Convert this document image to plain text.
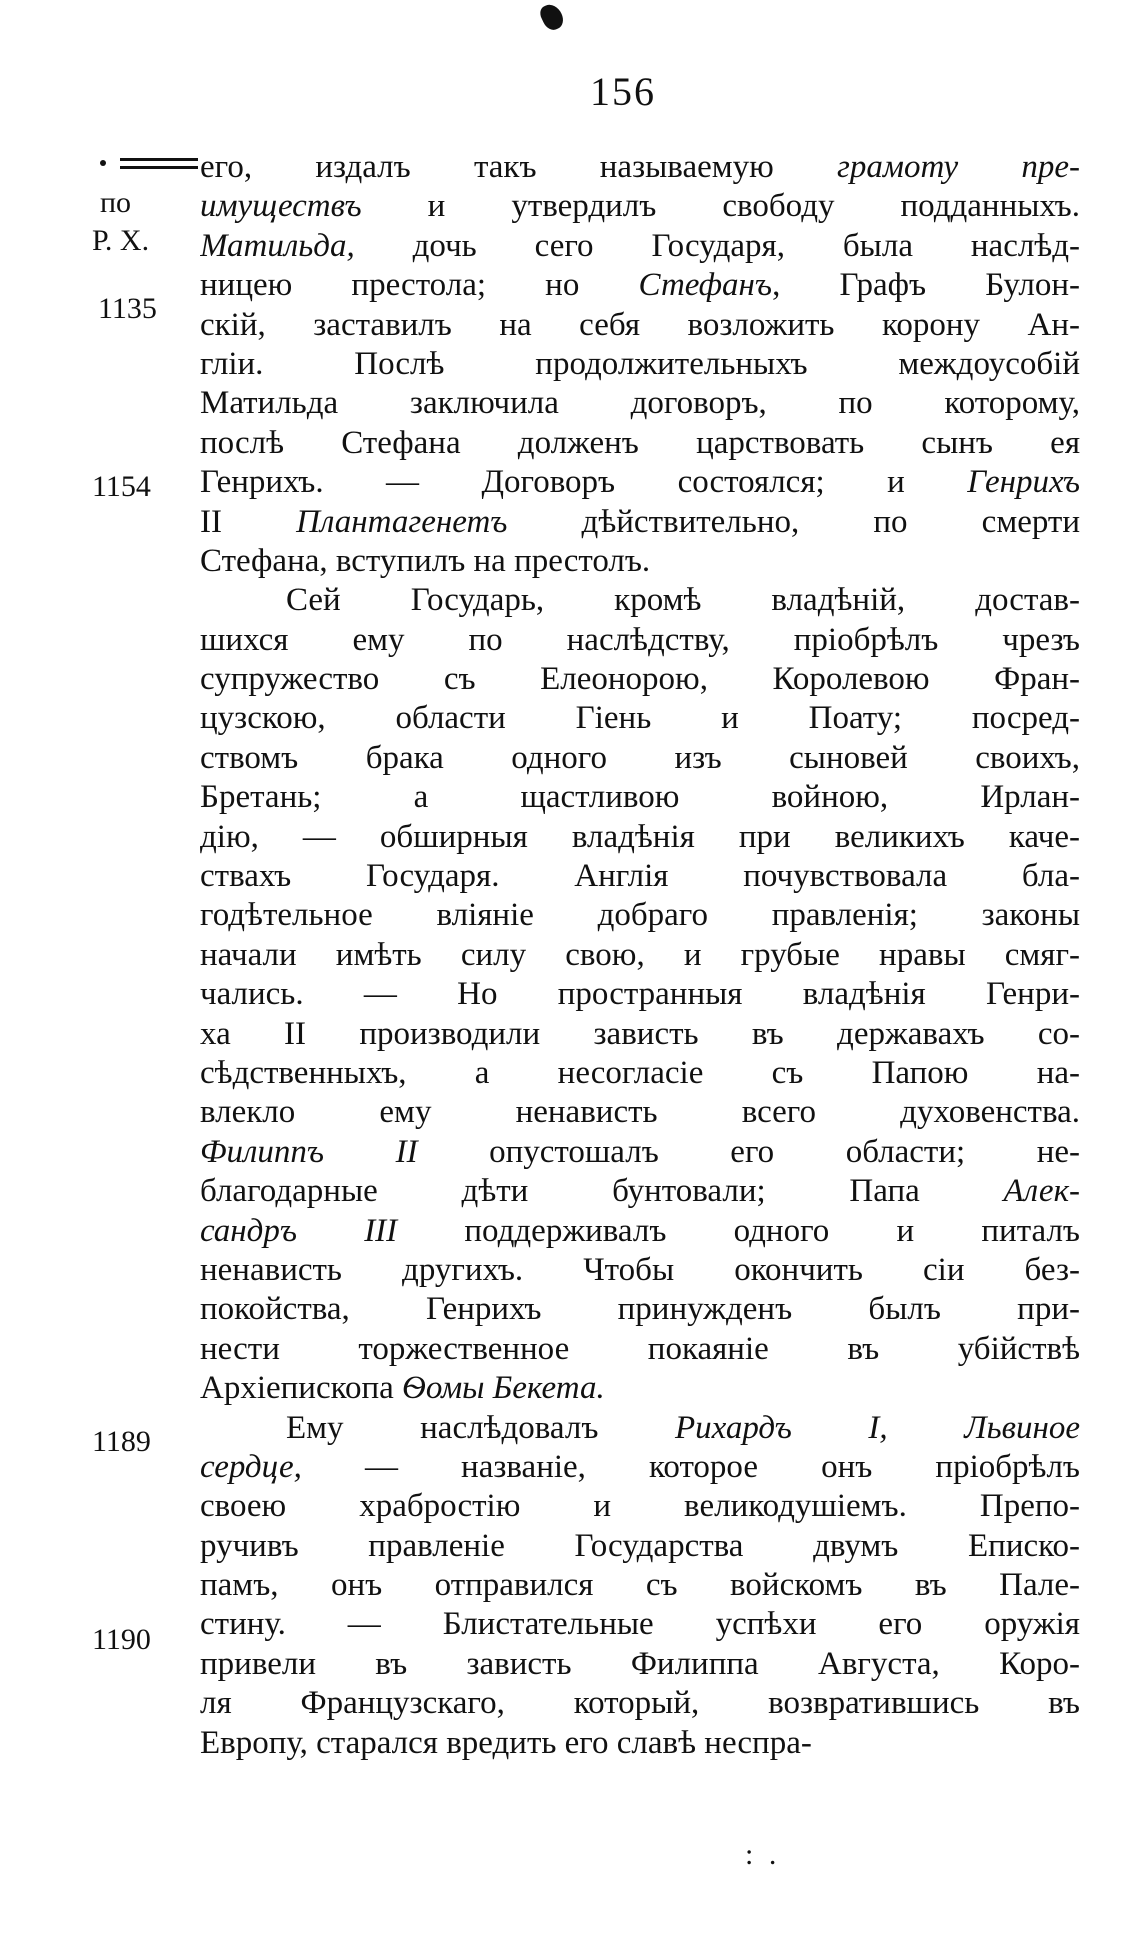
156
по
Р. Х.
1135
1154
1189
1190
его, издалъ такъ называемую грамоту пре-
имуществъ и утвердилъ свободу подданныхъ.
Матильда, дочь сего Государя, была наслѣд-
ницею престола; но Стефанъ, Графъ Булон-
скій, заставилъ на себя возложить корону Ан-
гліи. Послѣ продолжительныхъ междоусобій
Матильда заключила договоръ, по которому,
послѣ Стефана долженъ царствовать сынъ ея
Генрихъ. — Договоръ состоялся; и Генрихъ
II Плантагенетъ дѣйствительно, по смерти
Стефана, вступилъ на престолъ.
Сей Государь, кромѣ владѣній, достав-
шихся ему по наслѣдству, пріобрѣлъ чрезъ
супружество съ Елеонорою, Королевою Фран-
цузскою, области Гіень и Поату; посред-
ствомъ брака одного изъ сыновей своихъ,
Бретань; а щастливою войною, Ирлан-
дію, — обширныя владѣнія при великихъ каче-
ствахъ Государя. Англія почувствовала бла-
годѣтельное вліяніе добраго правленія; законы
начали имѣть силу свою, и грубые нравы смяг-
чались. — Но пространныя владѣнія Генри-
ха II производили зависть въ державахъ со-
сѣдственныхъ, а несогласіе съ Папою на-
влекло ему ненависть всего духовенства.
Филиппъ II опустошалъ его области; не-
благодарные дѣти бунтовали; Папа Алек-
сандръ III поддерживалъ одного и питалъ
ненависть другихъ. Чтобы окончить сіи без-
покойства, Генрихъ принужденъ былъ при-
нести торжественное покаяніе въ убійствѣ
Архіепископа Ѳомы Бекета.
Ему наслѣдовалъ Рихардъ I, Львиное
сердце, — названіе, которое онъ пріобрѣлъ
своею храбростію и великодушіемъ. Препо-
ручивъ правленіе Государства двумъ Еписко-
памъ, онъ отправился съ войскомъ въ Пале-
стину. — Блистательные успѣхи его оружія
привели въ зависть Филиппа Августа, Коро-
ля Французскаго, который, возвратившись въ
Европу, старался вредить его славѣ неспра-
: .
